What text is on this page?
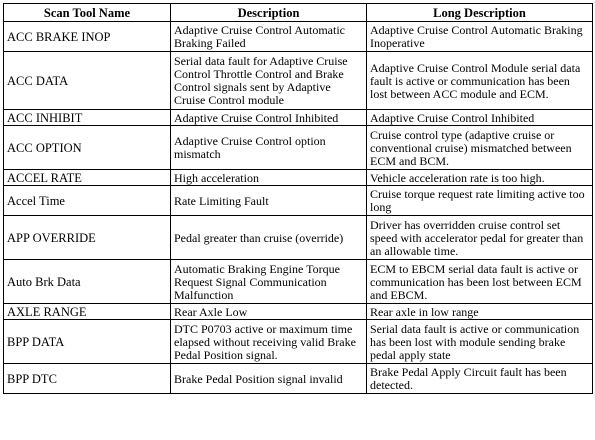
Scan Tool Name	Description	Long Description
ACC BRAKE INOP	Adaptive Cruise Control Automatic Braking Failed	Adaptive Cruise Control Automatic Braking Inoperative
ACC DATA	Serial data fault for Adaptive Cruise Control Throttle Control and Brake Control signals sent by Adaptive Cruise Control module	Adaptive Cruise Control Module serial data fault is active or communication has been lost between ACC module and ECM.
ACC INHIBIT	Adaptive Cruise Control Inhibited	Adaptive Cruise Control Inhibited
ACC OPTION	Adaptive Cruise Control option mismatch	Cruise control type (adaptive cruise or conventional cruise) mismatched between ECM and BCM.
ACCEL RATE	High acceleration	Vehicle acceleration rate is too high.
Accel Time	Rate Limiting Fault	Cruise torque request rate limiting active too long
APP OVERRIDE	Pedal greater than cruise (override)	Driver has overridden cruise control set speed with accelerator pedal for greater than an allowable time.
Auto Brk Data	Automatic Braking Engine Torque Request Signal Communication Malfunction	ECM to EBCM serial data fault is active or communication has been lost between ECM and EBCM.
AXLE RANGE	Rear Axle Low	Rear axle in low range
BPP DATA	DTC P0703 active or maximum time elapsed without receiving valid Brake Pedal Position signal.	Serial data fault is active or communication has been lost with module sending brake pedal apply state
BPP DTC	Brake Pedal Position signal invalid	Brake Pedal Apply Circuit fault has been detected.
